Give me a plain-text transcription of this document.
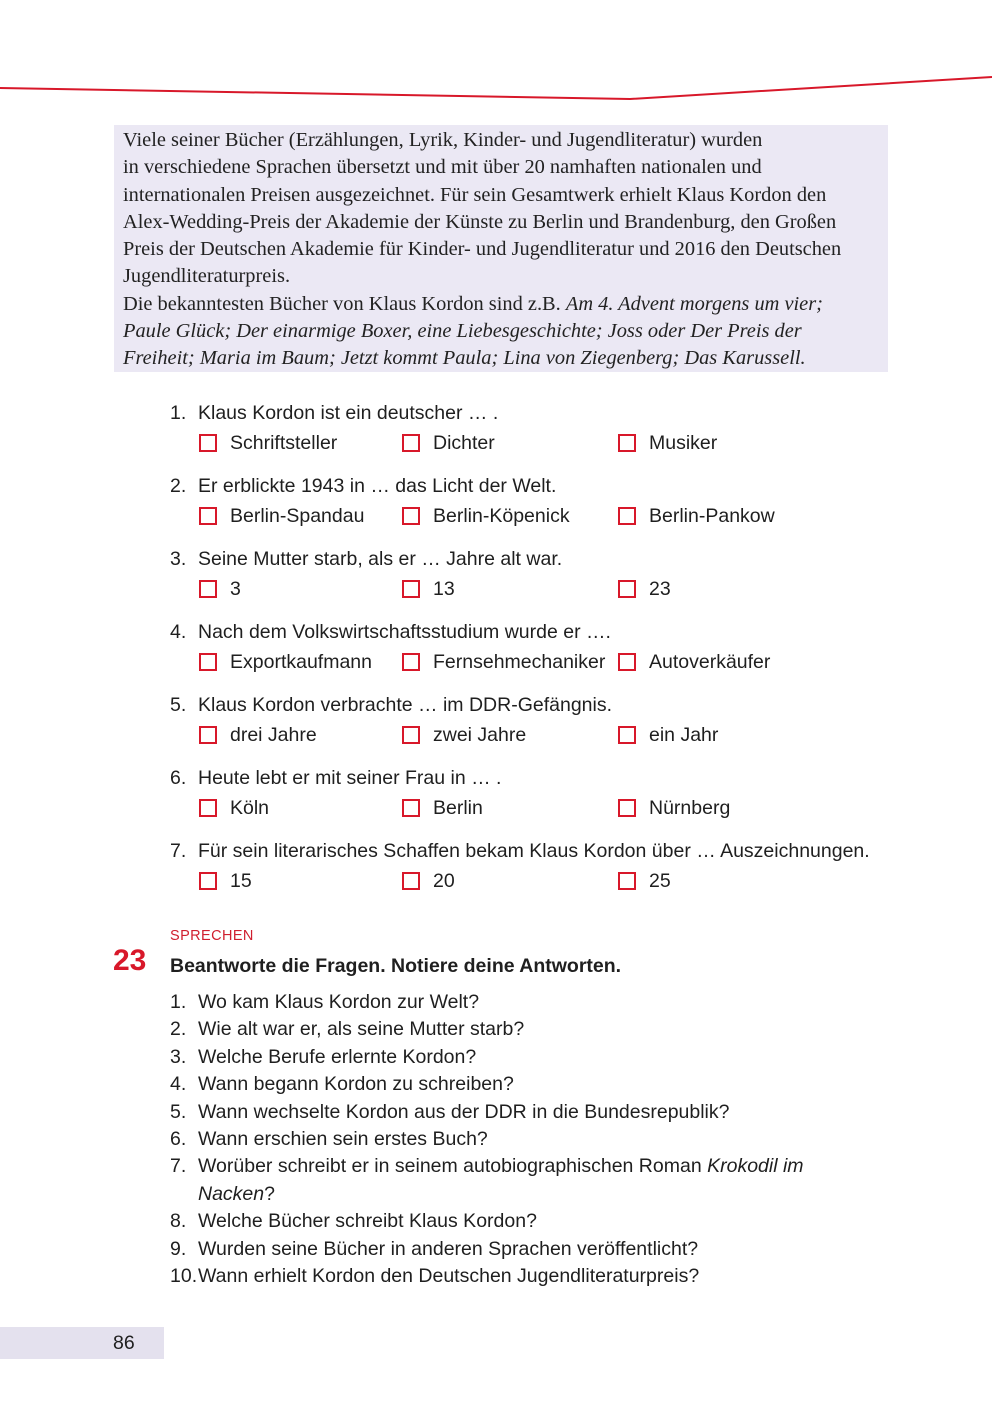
Viele seiner Bücher (Erzählungen, Lyrik, Kinder- und Jugendliteratur) wurden

in verschiedene Sprachen übersetzt und mit über 20 namhaften nationalen und

internationalen Preisen ausgezeichnet. Für sein Gesamtwerk erhielt Klaus Kordon den

Alex-Wedding-Preis der Akademie der Künste zu Berlin und Brandenburg, den Großen

Preis der Deutschen Akademie für Kinder- und Jugendliteratur und 2016 den Deutschen

Jugendliteraturpreis.

Die bekanntesten Bücher von Klaus Kordon sind z.B. Am 4. Advent morgens um vier;

Paule Glück; Der einarmige Boxer, eine Liebesgeschichte; Joss oder Der Preis der

Freiheit; Maria im Baum; Jetzt kommt Paula; Lina von Ziegenberg; Das Karussell.

1. Klaus Kordon ist ein deutscher … .
Schriftsteller	Dichter	Musiker
2. Er erblickte 1943 in … das Licht der Welt.
Berlin-Spandau	Berlin-Köpenick	Berlin-Pankow
3. Seine Mutter starb, als er … Jahre alt war.
3	13	23
4. Nach dem Volkswirtschaftsstudium wurde er ….
Exportkaufmann	Fernsehmechaniker Autoverkäufer
5. Klaus Kordon verbrachte … im DDR-Gefängnis.
drei Jahre	zwei Jahre	ein Jahr
6. Heute lebt er mit seiner Frau in … .
Köln	Berlin	Nürnberg
7. Für sein literarisches Schaffen bekam Klaus Kordon über … Auszeichnungen.
15	20	25
SPRECHEN
23 Beantworte die Fragen. Notiere deine Antworten.
1. Wo kam Klaus Kordon zur Welt?
2. Wie alt war er, als seine Mutter starb?
3. Welche Berufe erlernte Kordon?
4. Wann begann Kordon zu schreiben?
5. Wann wechselte Kordon aus der DDR in die Bundesrepublik?
6. Wann erschien sein erstes Buch?
7. Worüber schreibt er in seinem autobiographischen Roman Krokodil im
Nacken?
8. Welche Bücher schreibt Klaus Kordon?
9. Wurden seine Bücher in anderen Sprachen veröffentlicht?
10. Wann erhielt Kordon den Deutschen Jugendliteraturpreis?
86
